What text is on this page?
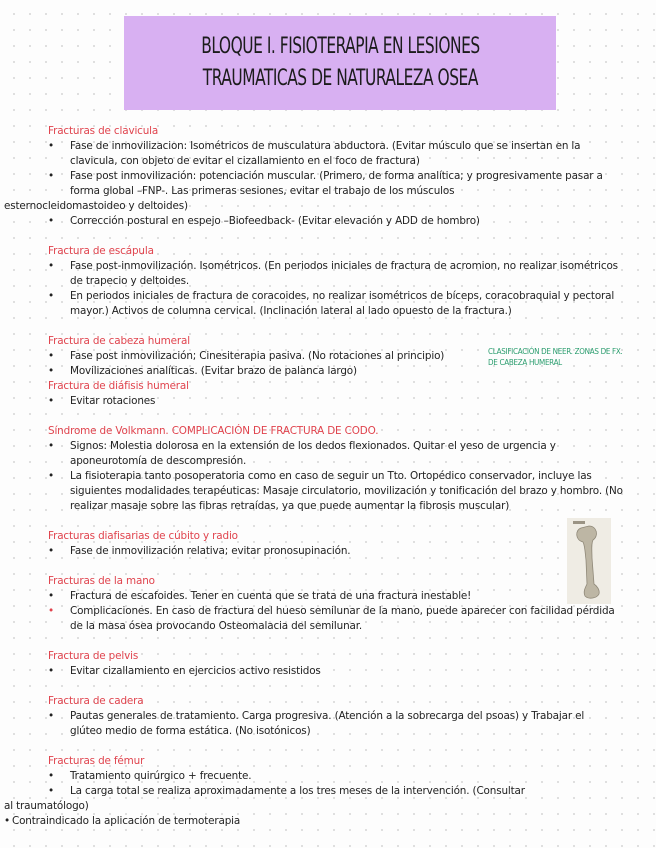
BLOQUE I. FISIOTERAPIA EN LESIONES
TRAUMATICAS DE NATURALEZA OSEA
CLASIFICACIÓN DE NEER. ZONAS DE FX. DE CABEZA HUMERAL
Fracturas de clavicula
•	Fase de inmovilizacion: Isométricos de musculatura abductora. (Evitar músculo que se insertan en la clavicula, con objeto de evitar el cizallamiento en el foco de fractura)
•	Fase post inmovilización: potenciación muscular. (Primero, de forma analítica; y progresivamente pasar a forma global –FNP-. Las primeras sesiones, evitar el trabajo de los músculos
esternocleidomastoideo y deltoides)
•	Corrección postural en espejo –Biofeedback- (Evitar elevación y ADD de hombro)
Fractura de escápula
•	Fase post-inmovilización. Isométricos. (En periodos iniciales de fractura de acromion, no realizar isométricos de trapecio y deltoides.
•	En periodos iniciales de fractura de coracoides, no realizar isométricos de bíceps, coracobraquial y pectoral mayor.) Activos de columna cervical. (Inclinación lateral al lado opuesto de la fractura.)
Fractura de cabeza humeral
•	Fase post inmovilización; Cinesiterapia pasiva. (No rotaciones al principio)
•	Movilizaciones analíticas. (Evitar brazo de palanca largo)
Fractura de diáfisis humeral
•	Evitar rotaciones
Síndrome de Volkmann. COMPLICACIÓN DE FRACTURA DE CODO.
•	Signos: Molestia dolorosa en la extensión de los dedos flexionados. Quitar el yeso de urgencia y aponeurotomía de descompresión.
•	La fisioterapia tanto posoperatoria como en caso de seguir un Tto. Ortopédico conservador, incluye las siguientes modalidades terapéuticas: Masaje circulatorio, movilización y tonificación del brazo y hombro. (No realizar masaje sobre las fibras retraídas, ya que puede aumentar la fibrosis muscular)
Fracturas diafisarias de cúbito y radio
•	Fase de inmovilización relativa; evitar pronosupinación.
Fracturas de la mano
•	Fractura de escafoides. Tener en cuenta que se trata de una fractura inestable!
•	Complicaciones. En caso de fractura del hueso semilunar de la mano, puede aparecer con facilidad pérdida de la masa ósea provocando Osteomalacia del semilunar.
Fractura de pelvis
•	Evitar cizallamiento en ejercicios activo resistidos
Fractura de cadera
•	Pautas generales de tratamiento. Carga progresiva. (Atención a la sobrecarga del psoas) y Trabajar el glúteo medio de forma estática. (No isotónicos)
Fracturas de fémur
•	Tratamiento quirúrgico + frecuente.
•	La carga total se realiza aproximadamente a los tres meses de la intervención. (Consultar
al traumatólogo)
• Contraindicado la aplicación de termoterapia
